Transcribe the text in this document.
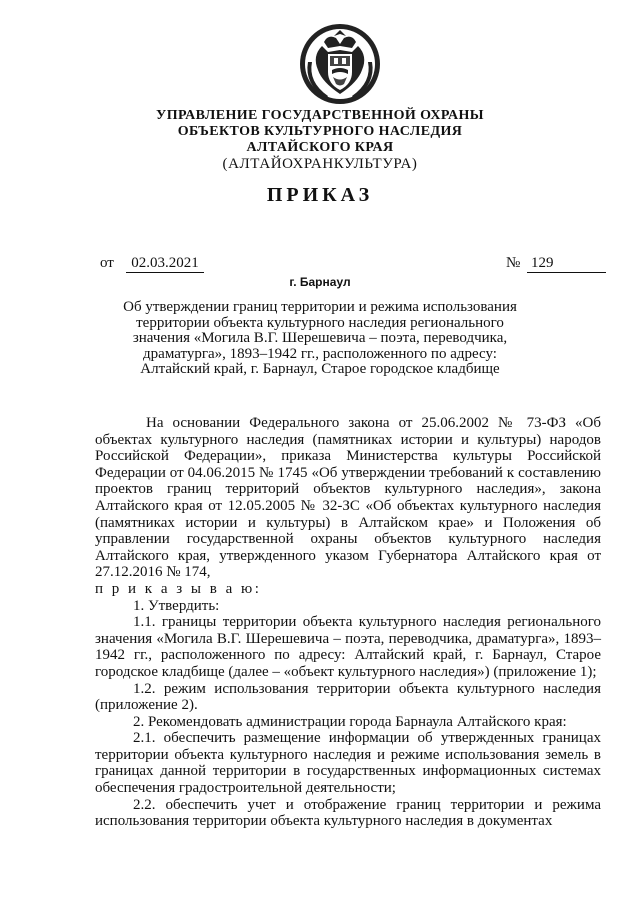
УПРАВЛЕНИЕ ГОСУДАРСТВЕННОЙ ОХРАНЫ
ОБЪЕКТОВ КУЛЬТУРНОГО НАСЛЕДИЯ
АЛТАЙСКОГО КРАЯ
(АЛТАЙОХРАНКУЛЬТУРА)
ПРИКАЗ
от	02.03.2021	№ 129
г. Барнаул
Об утверждении границ территории и режима использования территории объекта культурного наследия регионального значения «Могила В.Г. Шерешевича – поэта, переводчика, драматурга», 1893–1942 гг., расположенного по адресу: Алтайский край, г. Барнаул, Старое городское кладбище

На основании Федерального закона от 25.06.2002 № 73-ФЗ «Об объектах культурного наследия (памятниках истории и культуры) народов Российской Федерации», приказа Министерства культуры Российской Федерации от 04.06.2015 № 1745 «Об утверждении требований к составлению проектов границ территорий объектов культурного наследия», закона Алтайского края от 12.05.2005 № 32-ЗС «Об объектах культурного наследия (памятниках истории и культуры) в Алтайском крае» и Положения об управлении государственной охраны объектов культурного наследия Алтайского края, утвержденного указом Губернатора Алтайского края от 27.12.2016 № 174,

п р и к а з ы в а ю:

1. Утвердить:

1.1. границы территории объекта культурного наследия регионального значения «Могила В.Г. Шерешевича – поэта, переводчика, драматурга», 1893–1942 гг., расположенного по адресу: Алтайский край, г. Барнаул, Старое городское кладбище (далее – «объект культурного наследия») (приложение 1);

1.2. режим использования территории объекта культурного наследия (приложение 2).

2. Рекомендовать администрации города Барнаула Алтайского края:

2.1. обеспечить размещение информации об утвержденных границах территории объекта культурного наследия и режиме использования земель в границах данной территории в государственных информационных системах обеспечения градостроительной деятельности;

2.2. обеспечить учет и отображение границ территории и режима использования территории объекта культурного наследия в документах
